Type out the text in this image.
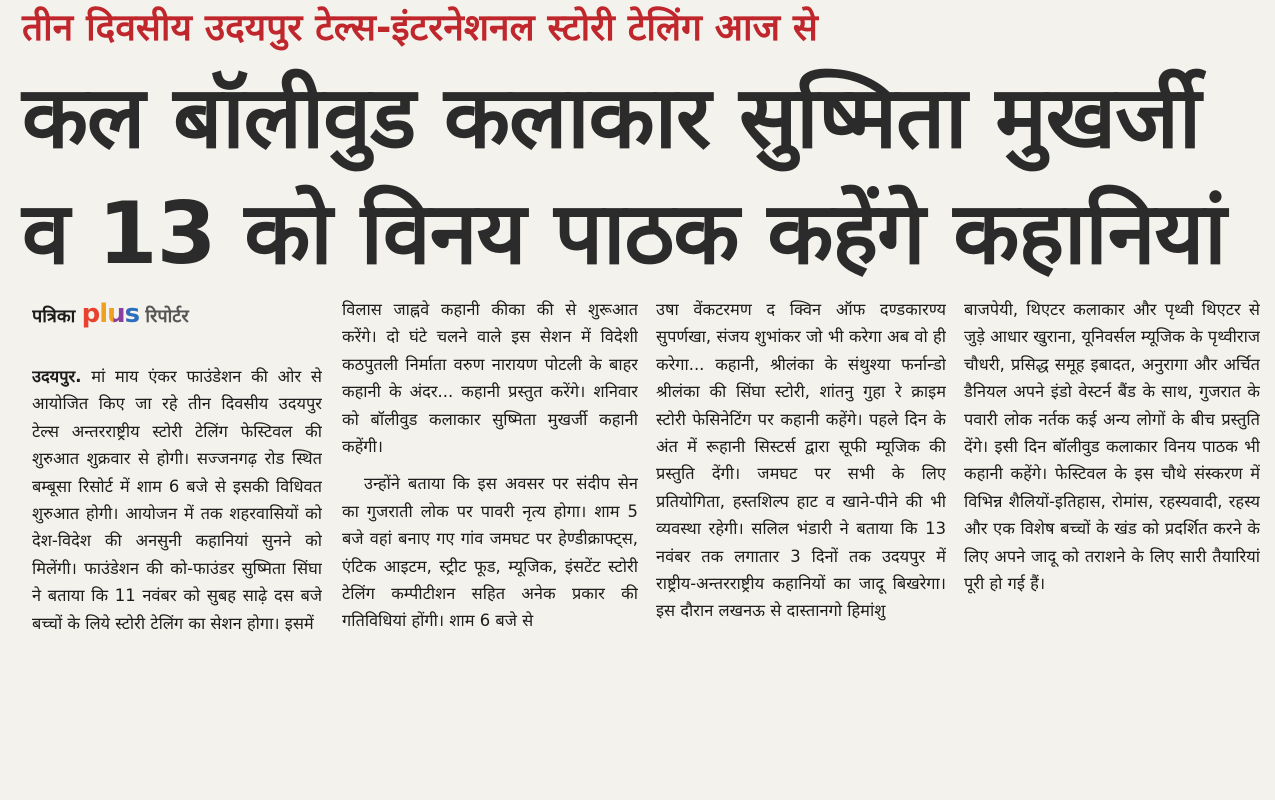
तीन दिवसीय उदयपुर टेल्स-इंटरनेशनल स्टोरी टेलिंग आज से
कल बॉलीवुड कलाकार सुष्मिता मुखर्जी
व 13 को विनय पाठक कहेंगे कहानियां
पत्रिका plus रिपोर्टर

उदयपुर. मां माय एंकर फाउंडेशन की ओर से आयोजित किए जा रहे तीन दिवसीय उदयपुर टेल्स अन्तरराष्ट्रीय स्टोरी टेलिंग फेस्टिवल की शुरुआत शुक्रवार से होगी। सज्जनगढ़ रोड स्थित बम्बूसा रिसोर्ट में शाम 6 बजे से इसकी विधिवत शुरुआत होगी। आयोजन में तक शहरवासियों को देश-विदेश की अनसुनी कहानियां सुनने को मिलेंगी। फाउंडेशन की को-फाउंडर सुष्मिता सिंघा ने बताया कि 11 नवंबर को सुबह साढ़े दस बजे बच्चों के लिये स्टोरी टेलिंग का सेशन होगा। इसमें

विलास जाह्नवे कहानी कीका की से शुरूआत करेंगे। दो घंटे चलने वाले इस सेशन में विदेशी कठपुतली निर्माता वरुण नारायण पोटली के बाहर कहानी के अंदर... कहानी प्रस्तुत करेंगे। शनिवार को बॉलीवुड कलाकार सुष्मिता मुखर्जी कहानी कहेंगी।

उन्होंने बताया कि इस अवसर पर संदीप सेन का गुजराती लोक पर पावरी नृत्य होगा। शाम 5 बजे वहां बनाए गए गांव जमघट पर हेण्डीक्राफ्ट्स, एंटिक आइटम, स्ट्रीट फूड, म्यूजिक, इंसटेंट स्टोरी टेलिंग कम्पीटीशन सहित अनेक प्रकार की गतिविधियां होंगी। शाम 6 बजे से

उषा वेंकटरमण द क्विन ऑफ दण्डकारण्य सुपर्णखा, संजय शुभांकर जो भी करेगा अब वो ही करेगा... कहानी, श्रीलंका के संथुश्या फर्नान्डो श्रीलंका की सिंघा स्टोरी, शांतनु गुहा रे क्राइम स्टोरी फेसिनेटिंग पर कहानी कहेंगे। पहले दिन के अंत में रूहानी सिस्टर्स द्वारा सूफी म्यूजिक की प्रस्तुति देंगी। जमघट पर सभी के लिए प्रतियोगिता, हस्तशिल्प हाट व खाने-पीने की भी व्यवस्था रहेगी। सलिल भंडारी ने बताया कि 13 नवंबर तक लगातार 3 दिनों तक उदयपुर में राष्ट्रीय-अन्तरराष्ट्रीय कहानियों का जादू बिखरेगा। इस दौरान लखनऊ से दास्तानगो हिमांशु

बाजपेयी, थिएटर कलाकार और पृथ्वी थिएटर से जुड़े आधार खुराना, यूनिवर्सल म्यूजिक के पृथ्वीराज चौधरी, प्रसिद्ध समूह इबादत, अनुरागा और अर्चित डैनियल अपने इंडो वेस्टर्न बैंड के साथ, गुजरात के पवारी लोक नर्तक कई अन्य लोगों के बीच प्रस्तुति देंगे। इसी दिन बॉलीवुड कलाकार विनय पाठक भी कहानी कहेंगे। फेस्टिवल के इस चौथे संस्करण में विभिन्न शैलियों-इतिहास, रोमांस, रहस्यवादी, रहस्य और एक विशेष बच्चों के खंड को प्रदर्शित करने के लिए अपने जादू को तराशने के लिए सारी तैयारियां पूरी हो गई हैं।
